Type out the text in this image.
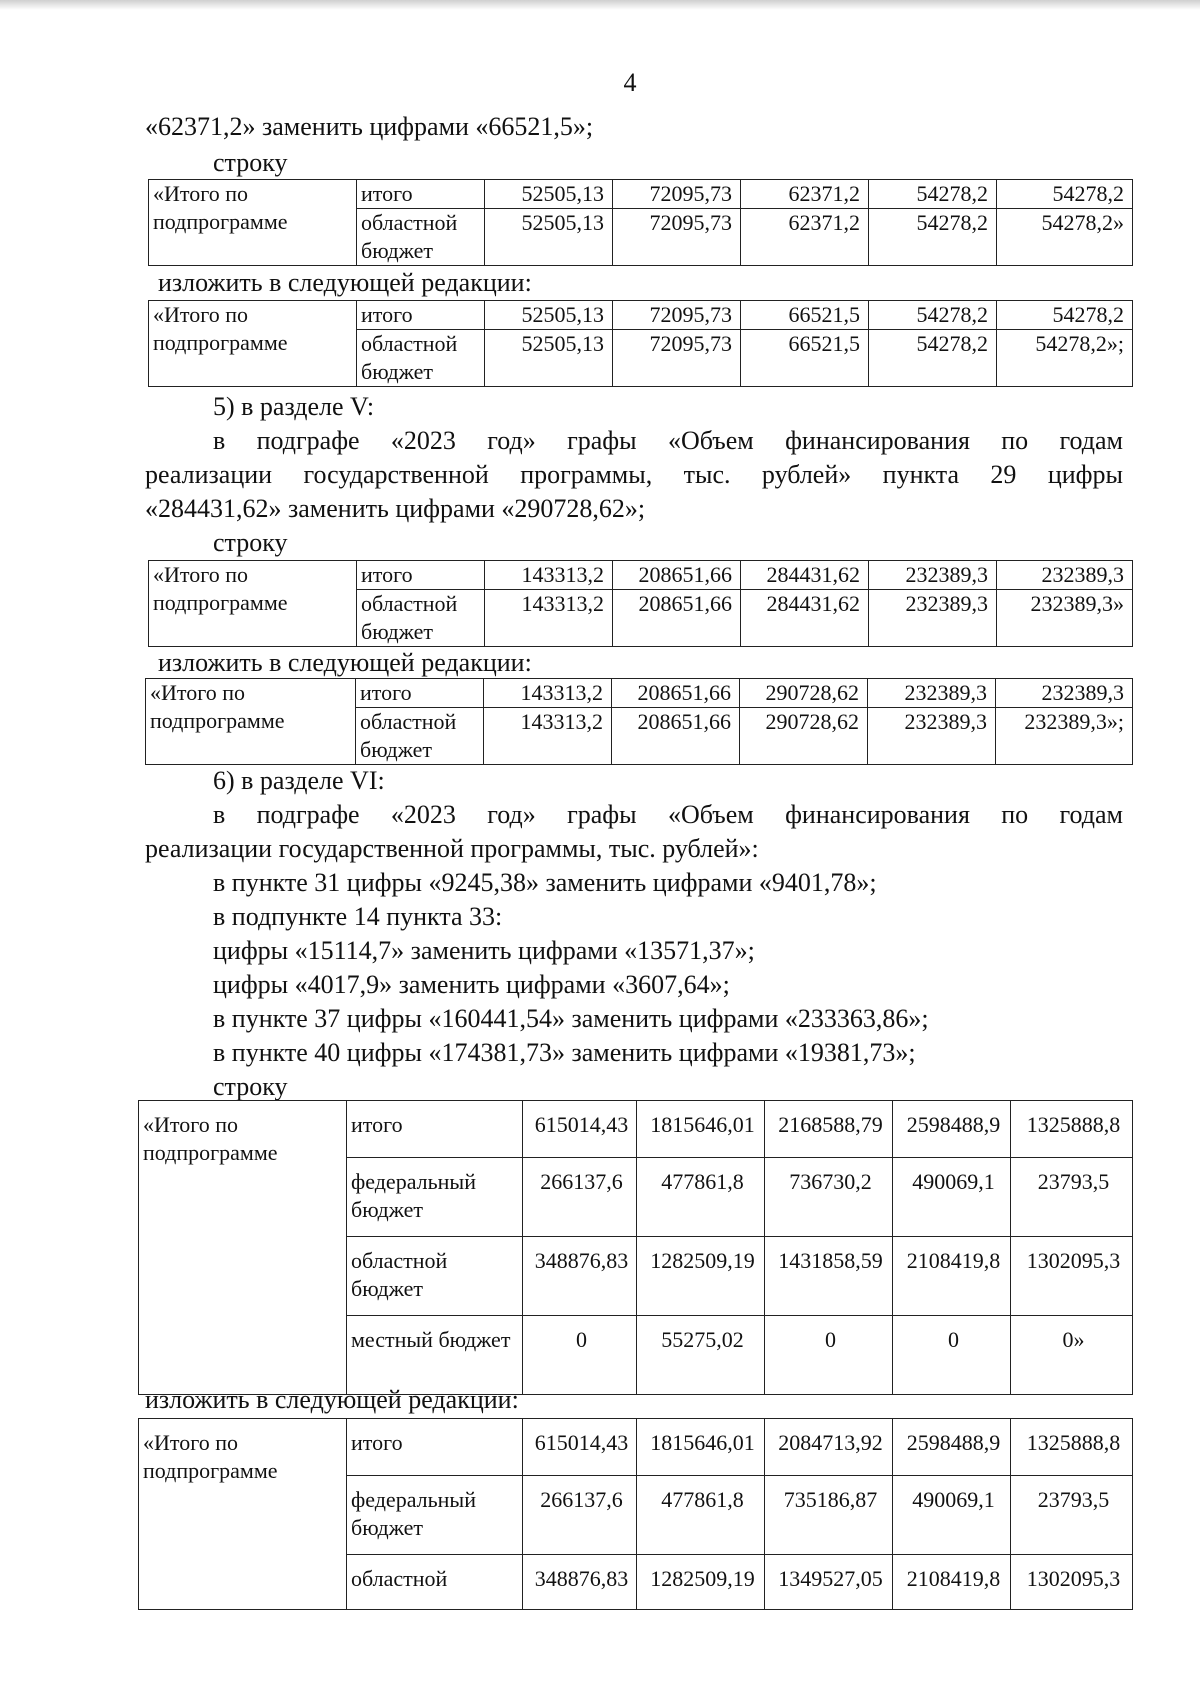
4
«62371,2» заменить цифрами «66521,5»;
строку
«Итого по подпрограмме	итого	52505,13	72095,73	62371,2	54278,2	54278,2
	областной бюджет	52505,13	72095,73	62371,2	54278,2	54278,2»
изложить в следующей редакции:
«Итого по подпрограмме	итого	52505,13	72095,73	66521,5	54278,2	54278,2
	областной бюджет	52505,13	72095,73	66521,5	54278,2	54278,2»;
5) в разделе V:
в подграфе «2023 год» графы «Объем финансирования по годам
реализации государственной программы, тыс. рублей» пункта 29 цифры
«284431,62» заменить цифрами «290728,62»;
строку
«Итого по подпрограмме	итого	143313,2	208651,66	284431,62	232389,3	232389,3
	областной бюджет	143313,2	208651,66	284431,62	232389,3	232389,3»
изложить в следующей редакции:
«Итого по подпрограмме	итого	143313,2	208651,66	290728,62	232389,3	232389,3
	областной бюджет	143313,2	208651,66	290728,62	232389,3	232389,3»;
6) в разделе VI:
в подграфе «2023 год» графы «Объем финансирования по годам
реализации государственной программы, тыс. рублей»:
в пункте 31 цифры «9245,38» заменить цифрами «9401,78»;
в подпункте 14 пункта 33:
цифры «15114,7» заменить цифрами «13571,37»;
цифры «4017,9» заменить цифрами «3607,64»;
в пункте 37 цифры «160441,54» заменить цифрами «233363,86»;
в пункте 40 цифры «174381,73» заменить цифрами «19381,73»;
строку
«Итого по подпрограмме	итого	615014,43	1815646,01	2168588,79	2598488,9	1325888,8
	федеральный бюджет	266137,6	477861,8	736730,2	490069,1	23793,5
	областной бюджет	348876,83	1282509,19	1431858,59	2108419,8	1302095,3
	местный бюджет	0	55275,02	0	0	0»
изложить в следующей редакции:
«Итого по подпрограмме	итого	615014,43	1815646,01	2084713,92	2598488,9	1325888,8
	федеральный бюджет	266137,6	477861,8	735186,87	490069,1	23793,5
	областной	348876,83	1282509,19	1349527,05	2108419,8	1302095,3
